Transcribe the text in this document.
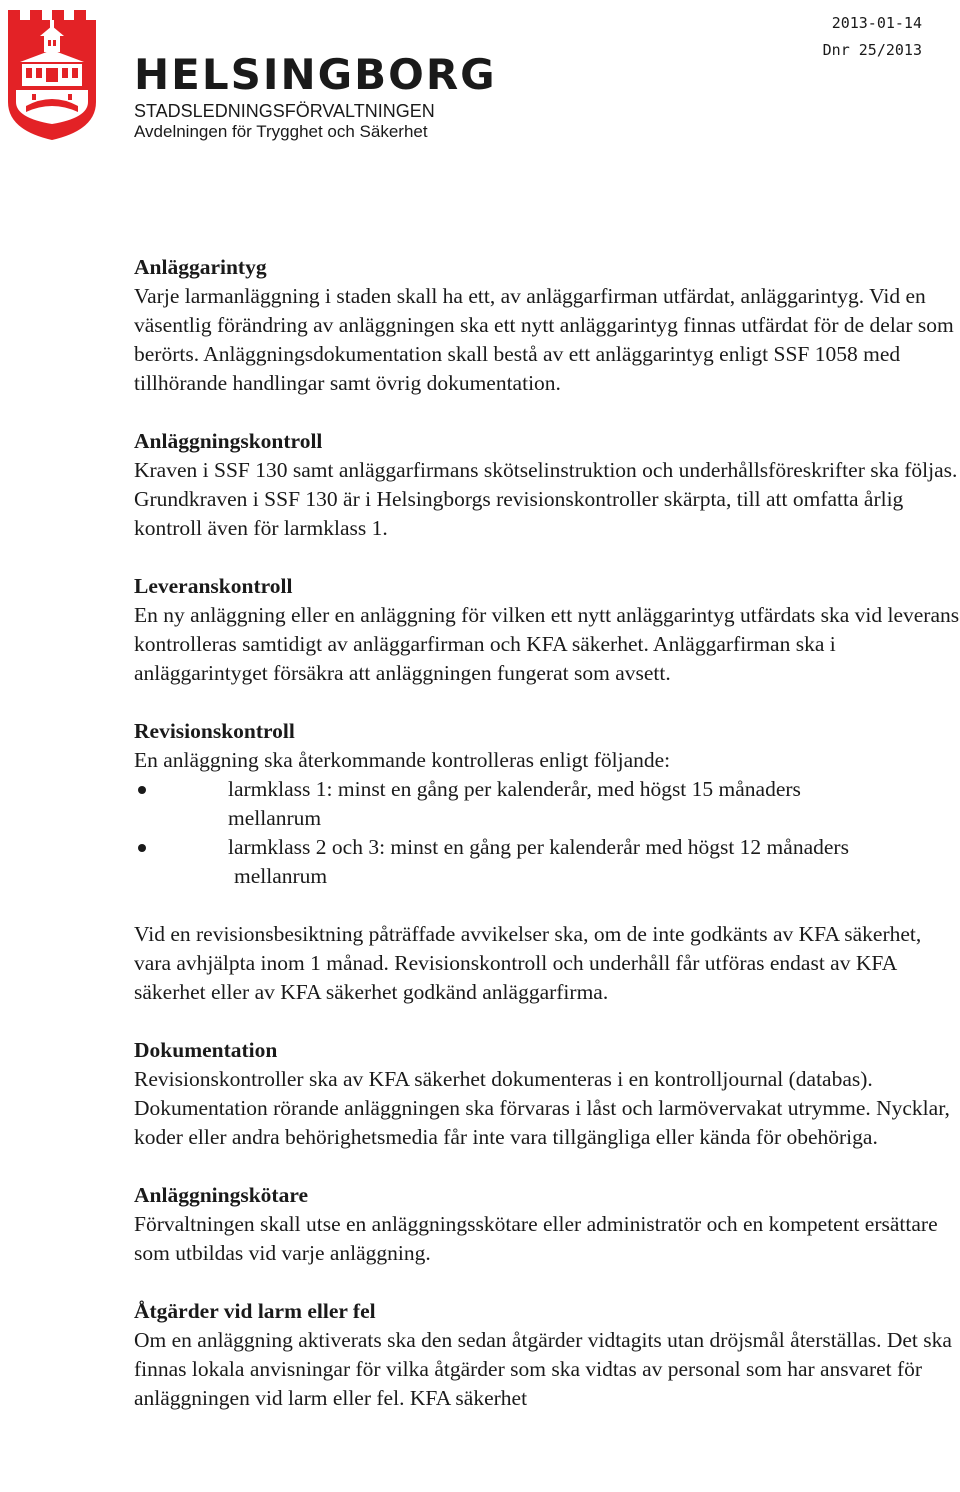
HELSINGBORG
STADSLEDNINGSFÖRVALTNINGEN
Avdelningen för Trygghet och Säkerhet
2013-01-14
Dnr 25/2013
Anläggarintyg

Varje larmanläggning i staden skall ha ett, av anläggarfirman utfärdat, anläggarintyg. Vid en väsentlig förändring av anläggningen ska ett nytt anläggarintyg finnas utfärdat för de delar som berörts. Anläggningsdokumentation skall bestå av ett anläggarintyg enligt SSF 1058 med tillhörande handlingar samt övrig dokumentation.

Anläggningskontroll

Kraven i SSF 130 samt anläggarfirmans skötselinstruktion och underhållsföreskrifter ska följas. Grundkraven i SSF 130 är i Helsingborgs revisionskontroller skärpta, till att omfatta årlig kontroll även för larmklass 1.

Leveranskontroll

En ny anläggning eller en anläggning för vilken ett nytt anläggarintyg utfärdats ska vid leverans kontrolleras samtidigt av anläggarfirman och KFA säkerhet. Anläggarfirman ska i anläggarintyget försäkra att anläggningen fungerat som avsett.

Revisionskontroll

En anläggning ska återkommande kontrolleras enligt följande:

larmklass 1: minst en gång per kalenderår, med högst 15 månaders
mellanrum
larmklass 2 och 3: minst en gång per kalenderår med högst 12 månaders
mellanrum

Vid en revisionsbesiktning påträffade avvikelser ska, om de inte godkänts av KFA säkerhet, vara avhjälpta inom 1 månad. Revisionskontroll och underhåll får utföras endast av KFA säkerhet eller av KFA säkerhet godkänd anläggarfirma.

Dokumentation

Revisionskontroller ska av KFA säkerhet dokumenteras i en kontrolljournal (databas). Dokumentation rörande anläggningen ska förvaras i låst och larmövervakat utrymme. Nycklar, koder eller andra behörighetsmedia får inte vara tillgängliga eller kända för obehöriga.

Anläggningskötare

Förvaltningen skall utse en anläggningsskötare eller administratör och en kompetent ersättare som utbildas vid varje anläggning.

Åtgärder vid larm eller fel

Om en anläggning aktiverats ska den sedan åtgärder vidtagits utan dröjsmål återställas. Det ska finnas lokala anvisningar för vilka åtgärder som ska vidtas av personal som har ansvaret för anläggningen vid larm eller fel. KFA säkerhet
